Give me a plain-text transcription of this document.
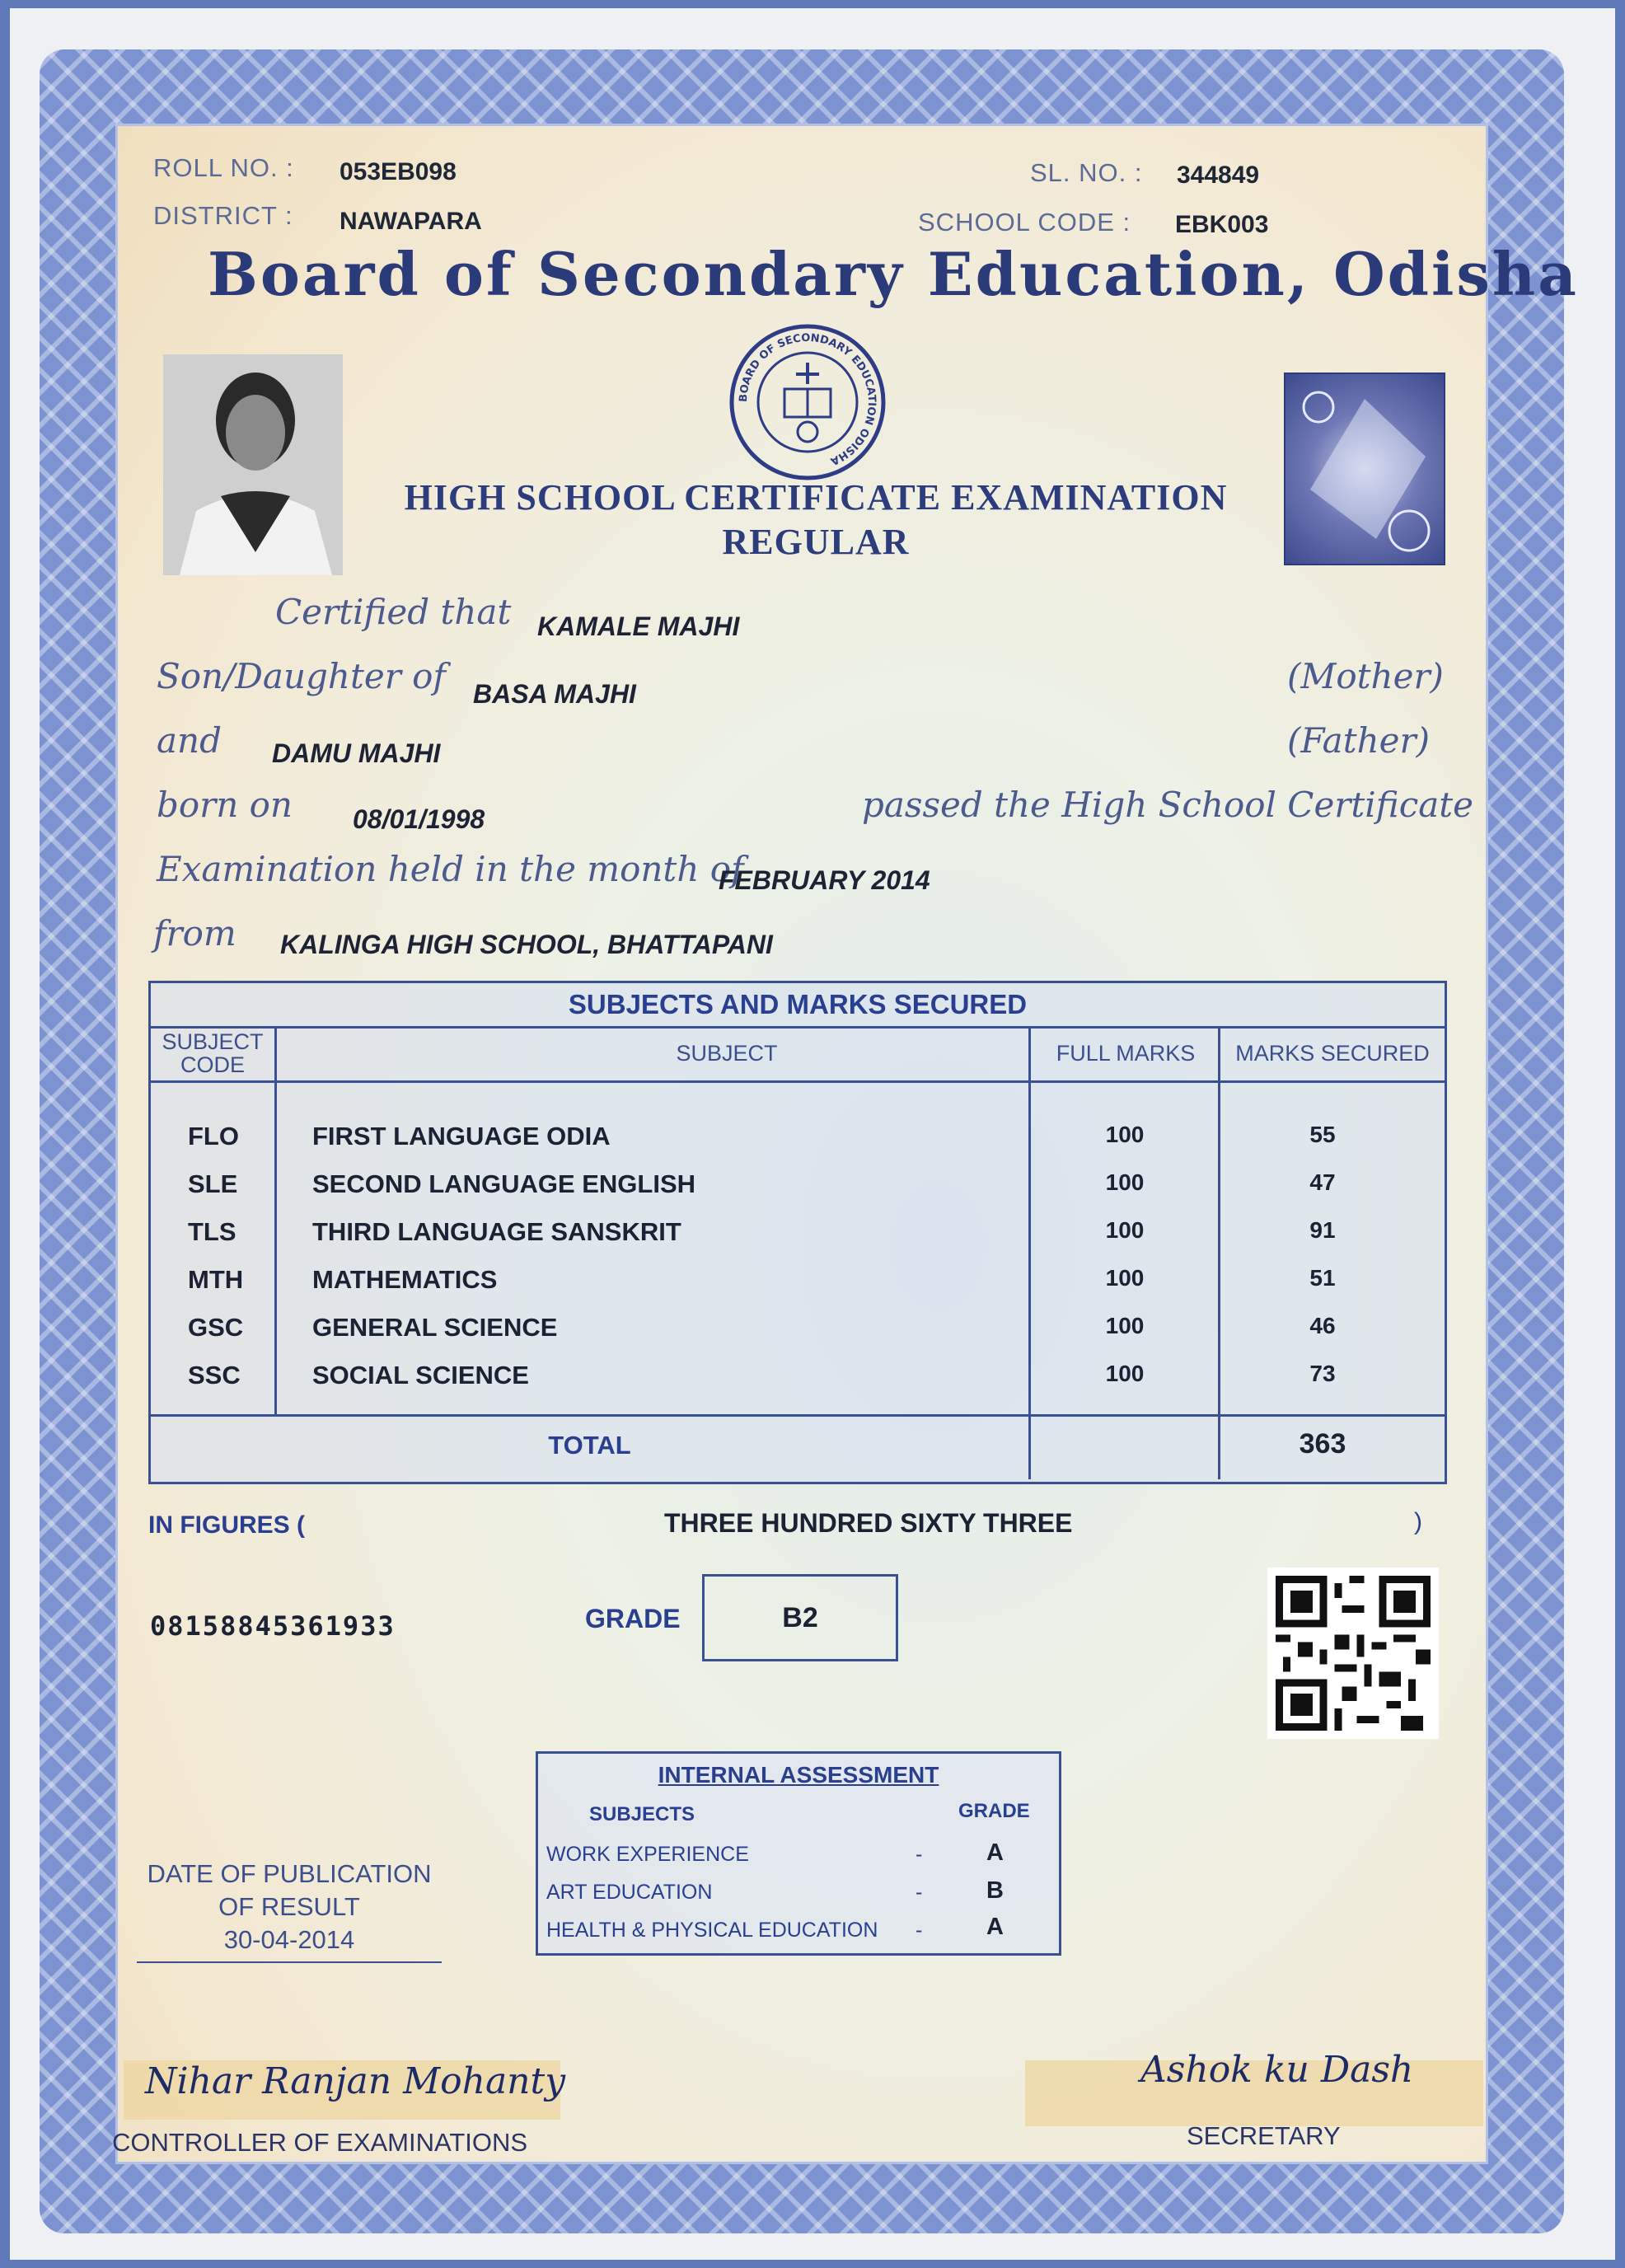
ROLL NO. : 053EB098	SL. NO. : 344849
DISTRICT : NAWAPARA	SCHOOL CODE : EBK003
Board of Secondary Education, Odisha
BOARD OF SECONDARY EDUCATION ODISHA
HIGH SCHOOL CERTIFICATE EXAMINATION
REGULAR
Certified that KAMALE MAJHI
Son/Daughter of BASA MAJHI	(Mother)
and DAMU MAJHI	(Father)
born on 08/01/1998	passed the High School Certificate
Examination held in the month of
FEBRUARY 2014
from KALINGA HIGH SCHOOL, BHATTAPANI
SUBJECTS AND MARKS SECURED
SUBJECT
CODE	SUBJECT	FULL MARKS	MARKS SECURED
FLO	FIRST LANGUAGE ODIA	100	55
SLE	SECOND LANGUAGE ENGLISH	100	47
TLS	THIRD LANGUAGE SANSKRIT	100	91
MTH	MATHEMATICS	100	51
GSC	GENERAL SCIENCE	100	46
SSC	SOCIAL SCIENCE	100	73
TOTAL	363
IN FIGURES (	THREE HUNDRED SIXTY THREE	)
08158845361933	GRADE	B2
INTERNAL ASSESSMENT
SUBJECTS	GRADE
WORK EXPERIENCE	-	A
ART EDUCATION	-	B
HEALTH & PHYSICAL EDUCATION -	A
DATE OF PUBLICATION
OF RESULT
30-04-2014
Nihar Ranjan Mohanty
CONTROLLER OF EXAMINATIONS
Ashok ku Dash
SECRETARY
